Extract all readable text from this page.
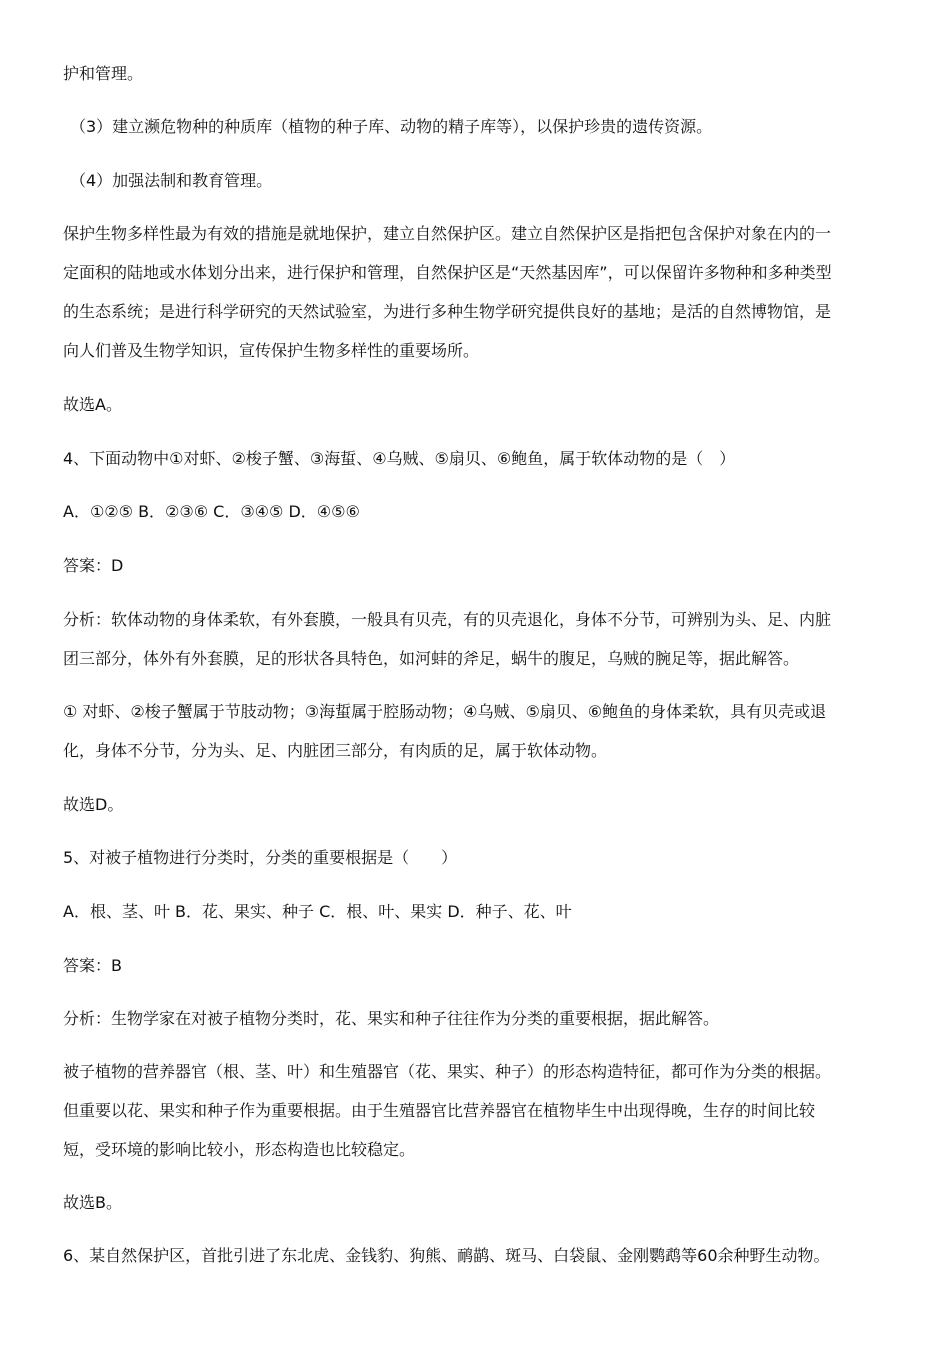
护和管理。
（3）建立濒危物种的种质库（植物的种子库、动物的精子库等），以保护珍贵的遗传资源。
（4）加强法制和教育管理。
保护生物多样性最为有效的措施是就地保护，建立自然保护区。建立自然保护区是指把包含保护对象在内的一
定面积的陆地或水体划分出来，进行保护和管理，自然保护区是“天然基因库”，可以保留许多物种和多种类型
的生态系统；是进行科学研究的天然试验室，为进行多种生物学研究提供良好的基地；是活的自然博物馆，是
向人们普及生物学知识，宣传保护生物多样性的重要场所。
故选A。
4、下面动物中①对虾、②梭子蟹、③海蜇、④乌贼、⑤扇贝、⑥鲍鱼，属于软体动物的是（　）
A．①②⑤ B．②③⑥ C．③④⑤ D．④⑤⑥
答案：D
分析：软体动物的身体柔软，有外套膜，一般具有贝壳，有的贝壳退化，身体不分节，可辨别为头、足、内脏
团三部分，体外有外套膜，足的形状各具特色，如河蚌的斧足，蜗牛的腹足，乌贼的腕足等，据此解答。
① 对虾、②梭子蟹属于节肢动物；③海蜇属于腔肠动物；④乌贼、⑤扇贝、⑥鲍鱼的身体柔软，具有贝壳或退
化，身体不分节，分为头、足、内脏团三部分，有肉质的足，属于软体动物。
故选D。
5、对被子植物进行分类时，分类的重要根据是（　　）
A．根、茎、叶 B．花、果实、种子 C．根、叶、果实 D．种子、花、叶
答案：B
分析：生物学家在对被子植物分类时，花、果实和种子往往作为分类的重要根据，据此解答。
被子植物的营养器官（根、茎、叶）和生殖器官（花、果实、种子）的形态构造特征，都可作为分类的根据。
但重要以花、果实和种子作为重要根据。由于生殖器官比营养器官在植物毕生中出现得晚，生存的时间比较
短，受环境的影响比较小，形态构造也比较稳定。
故选B。
6、某自然保护区，首批引进了东北虎、金钱豹、狗熊、鸸鹋、斑马、白袋鼠、金刚鹦鹉等60余种野生动物。
